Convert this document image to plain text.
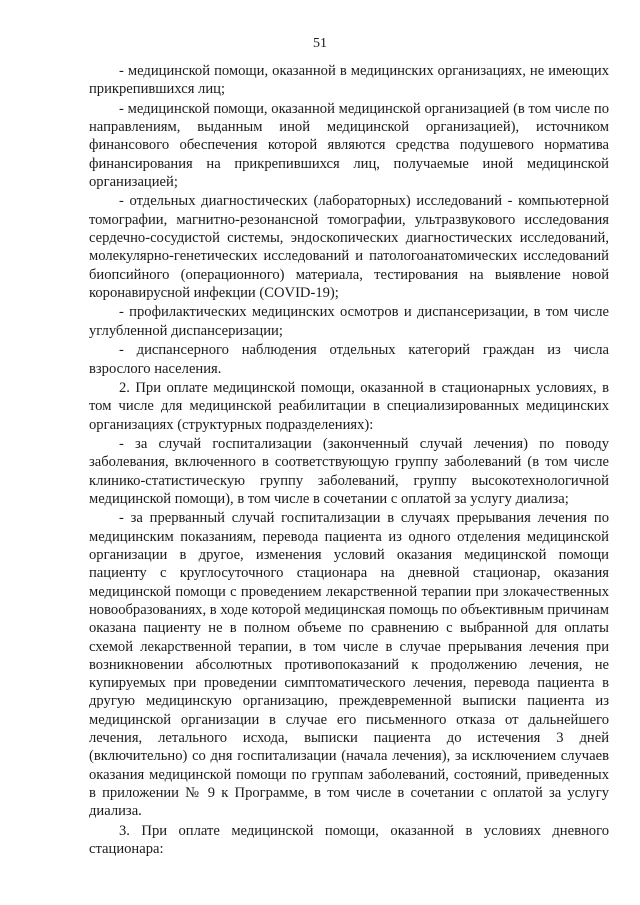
51

- медицинской помощи, оказанной в медицинских организациях, не имеющих прикрепившихся лиц;

- медицинской помощи, оказанной медицинской организацией (в том числе по направлениям, выданным иной медицинской организацией), источником финансового обеспечения которой являются средства подушевого норматива финансирования на прикрепившихся лиц, получаемые иной медицинской организацией;

- отдельных диагностических (лабораторных) исследований - компьютерной томографии, магнитно-резонансной томографии, ультразвукового исследования сердечно-сосудистой системы, эндоскопических диагностических исследований, молекулярно-генетических исследований и патологоанатомических исследований биопсийного (операционного) материала, тестирования на выявление новой коронавирусной инфекции (COVID-19);

- профилактических медицинских осмотров и диспансеризации, в том числе углубленной диспансеризации;

- диспансерного наблюдения отдельных категорий граждан из числа взрослого населения.

2. При оплате медицинской помощи, оказанной в стационарных условиях, в том числе для медицинской реабилитации в специализированных медицинских организациях (структурных подразделениях):

- за случай госпитализации (законченный случай лечения) по поводу заболевания, включенного в соответствующую группу заболеваний (в том числе клинико-статистическую группу заболеваний, группу высокотехнологичной медицинской помощи), в том числе в сочетании с оплатой за услугу диализа;

- за прерванный случай госпитализации в случаях прерывания лечения по медицинским показаниям, перевода пациента из одного отделения медицинской организации в другое, изменения условий оказания медицинской помощи пациенту с круглосуточного стационара на дневной стационар, оказания медицинской помощи с проведением лекарственной терапии при злокачественных новообразованиях, в ходе которой медицинская помощь по объективным причинам оказана пациенту не в полном объеме по сравнению с выбранной для оплаты схемой лекарственной терапии, в том числе в случае прерывания лечения при возникновении абсолютных противопоказаний к продолжению лечения, не купируемых при проведении симптоматического лечения, перевода пациента в другую медицинскую организацию, преждевременной выписки пациента из медицинской организации в случае его письменного отказа от дальнейшего лечения, летального исхода, выписки пациента до истечения 3 дней (включительно) со дня госпитализации (начала лечения), за исключением случаев оказания медицинской помощи по группам заболеваний, состояний, приведенных в приложении № 9 к Программе, в том числе в сочетании с оплатой за услугу диализа.

3. При оплате медицинской помощи, оказанной в условиях дневного стационара:
